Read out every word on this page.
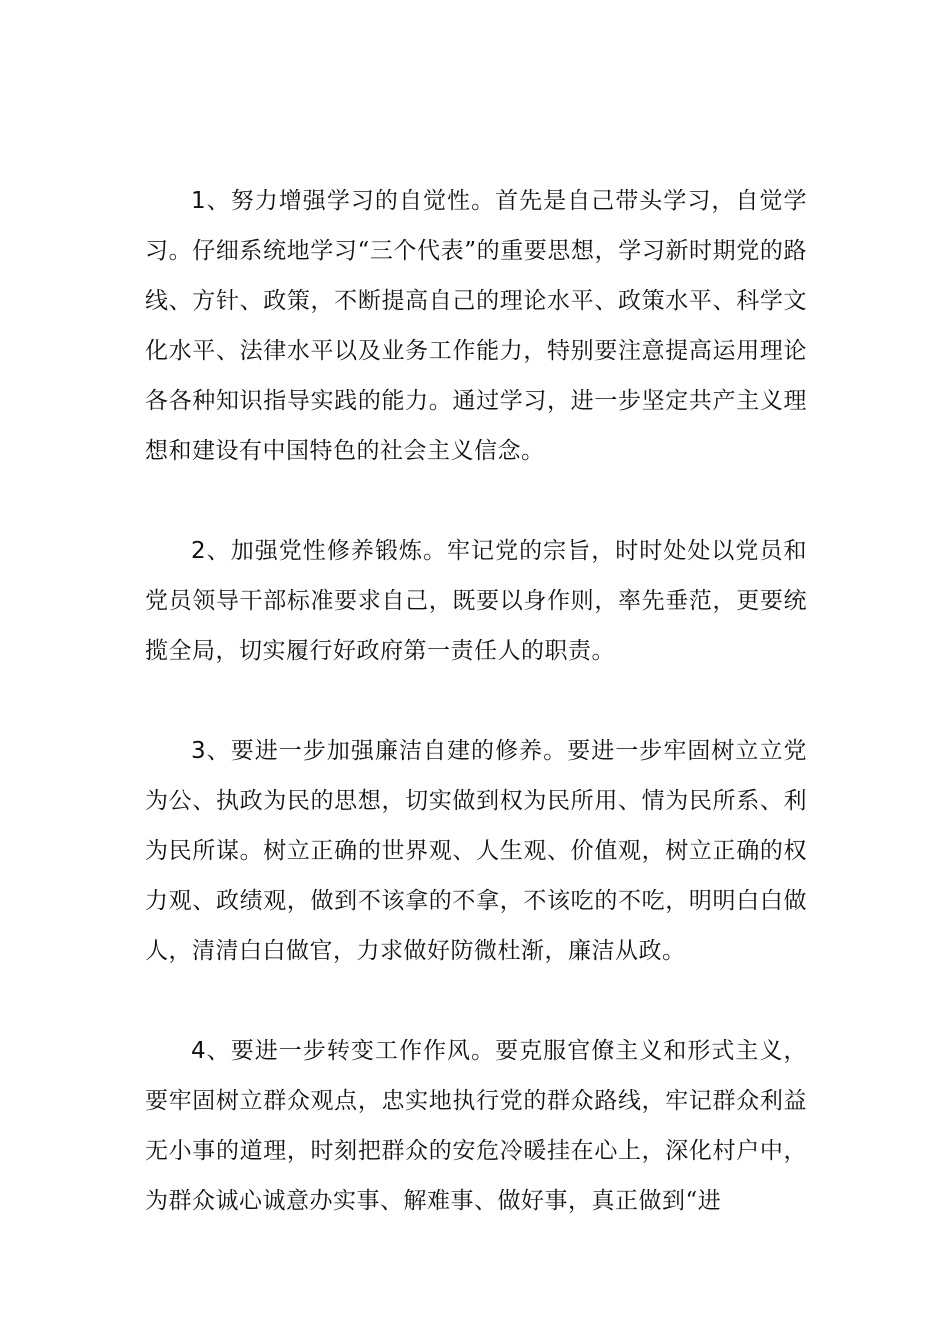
1、努力增强学习的自觉性。首先是自己带头学习，自觉学习。仔细系统地学习“三个代表”的重要思想，学习新时期党的路线、方针、政策，不断提高自己的理论水平、政策水平、科学文化水平、法律水平以及业务工作能力，特别要注意提高运用理论各各种知识指导实践的能力。通过学习，进一步坚定共产主义理想和建设有中国特色的社会主义信念。

2、加强党性修养锻炼。牢记党的宗旨，时时处处以党员和党员领导干部标准要求自己，既要以身作则，率先垂范，更要统揽全局，切实履行好政府第一责任人的职责。

3、要进一步加强廉洁自建的修养。要进一步牢固树立立党为公、执政为民的思想，切实做到权为民所用、情为民所系、利为民所谋。树立正确的世界观、人生观、价值观，树立正确的权力观、政绩观，做到不该拿的不拿，不该吃的不吃，明明白白做人，清清白白做官，力求做好防微杜渐，廉洁从政。

4、要进一步转变工作作风。要克服官僚主义和形式主义，要牢固树立群众观点，忠实地执行党的群众路线，牢记群众利益无小事的道理，时刻把群众的安危冷暖挂在心上，深化村户中，为群众诚心诚意办实事、解难事、做好事，真正做到“进
